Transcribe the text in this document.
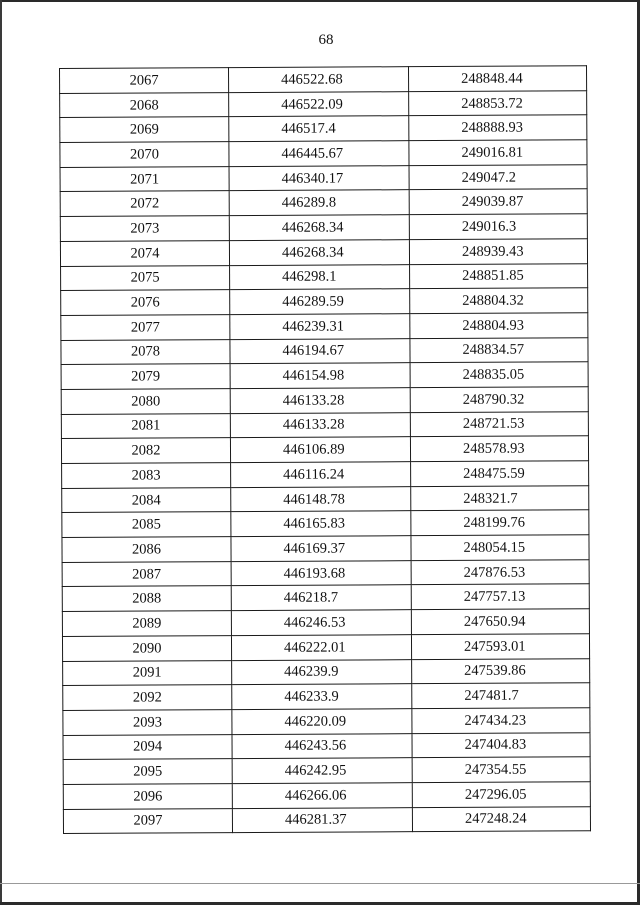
68
2067	446522.68	248848.44
2068	446522.09	248853.72
2069	446517.4	248888.93
2070	446445.67	249016.81
2071	446340.17	249047.2
2072	446289.8	249039.87
2073	446268.34	249016.3
2074	446268.34	248939.43
2075	446298.1	248851.85
2076	446289.59	248804.32
2077	446239.31	248804.93
2078	446194.67	248834.57
2079	446154.98	248835.05
2080	446133.28	248790.32
2081	446133.28	248721.53
2082	446106.89	248578.93
2083	446116.24	248475.59
2084	446148.78	248321.7
2085	446165.83	248199.76
2086	446169.37	248054.15
2087	446193.68	247876.53
2088	446218.7	247757.13
2089	446246.53	247650.94
2090	446222.01	247593.01
2091	446239.9	247539.86
2092	446233.9	247481.7
2093	446220.09	247434.23
2094	446243.56	247404.83
2095	446242.95	247354.55
2096	446266.06	247296.05
2097	446281.37	247248.24
